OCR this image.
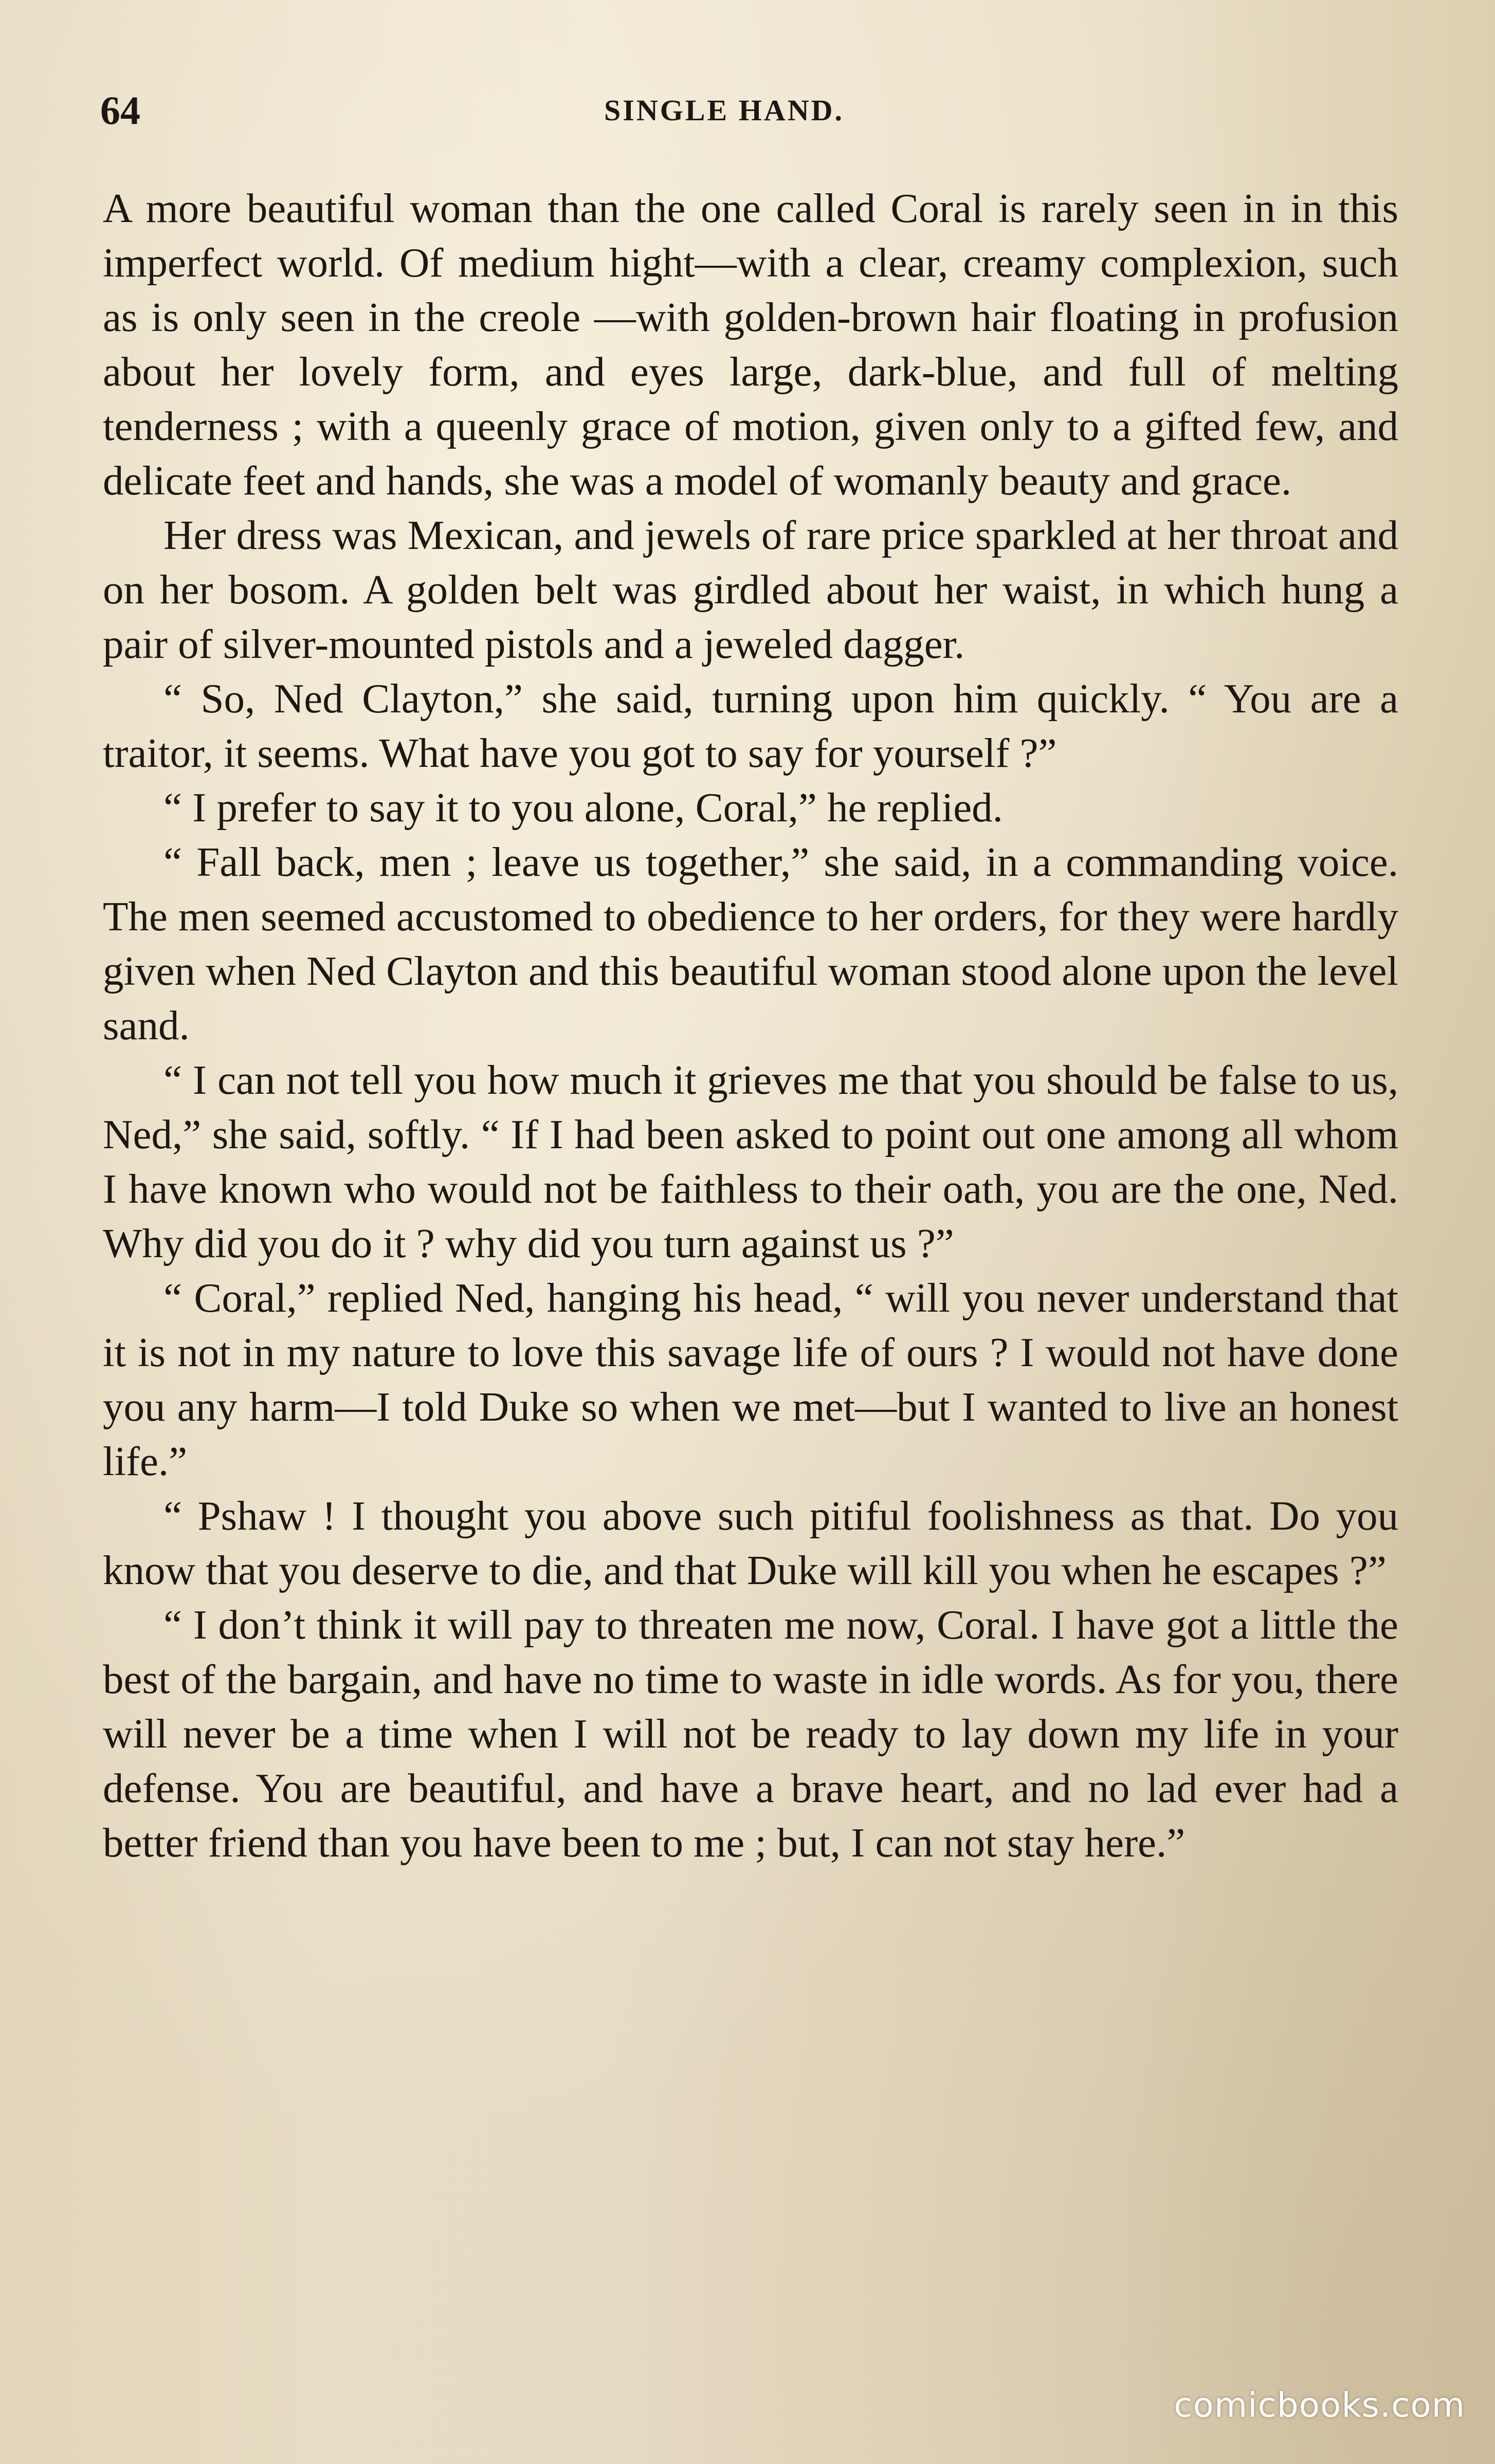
64	SINGLE HAND.

A more beautiful woman than the one called Coral is rarely seen in in this imperfect world. Of medium hight—with a clear, creamy complexion, such as is only seen in the creole —with golden-brown hair floating in profusion about her lovely form, and eyes large, dark-blue, and full of melting tenderness ; with a queenly grace of motion, given only to a gifted few, and delicate feet and hands, she was a model of womanly beauty and grace.

Her dress was Mexican, and jewels of rare price sparkled at her throat and on her bosom. A golden belt was girdled about her waist, in which hung a pair of silver-mounted pistols and a jeweled dagger.

“ So, Ned Clayton,” she said, turning upon him quickly. “ You are a traitor, it seems. What have you got to say for yourself ?”

“ I prefer to say it to you alone, Coral,” he replied.

“ Fall back, men ; leave us together,” she said, in a commanding voice. The men seemed accustomed to obedience to her orders, for they were hardly given when Ned Clayton and this beautiful woman stood alone upon the level sand.

“ I can not tell you how much it grieves me that you should be false to us, Ned,” she said, softly. “ If I had been asked to point out one among all whom I have known who would not be faithless to their oath, you are the one, Ned. Why did you do it ? why did you turn against us ?”

“ Coral,” replied Ned, hanging his head, “ will you never understand that it is not in my nature to love this savage life of ours ? I would not have done you any harm—I told Duke so when we met—but I wanted to live an honest life.”

“ Pshaw ! I thought you above such pitiful foolishness as that. Do you know that you deserve to die, and that Duke will kill you when he escapes ?”

“ I don’t think it will pay to threaten me now, Coral. I have got a little the best of the bargain, and have no time to waste in idle words. As for you, there will never be a time when I will not be ready to lay down my life in your defense. You are beautiful, and have a brave heart, and no lad ever had a better friend than you have been to me ; but, I can not stay here.”

comicbooks.com
